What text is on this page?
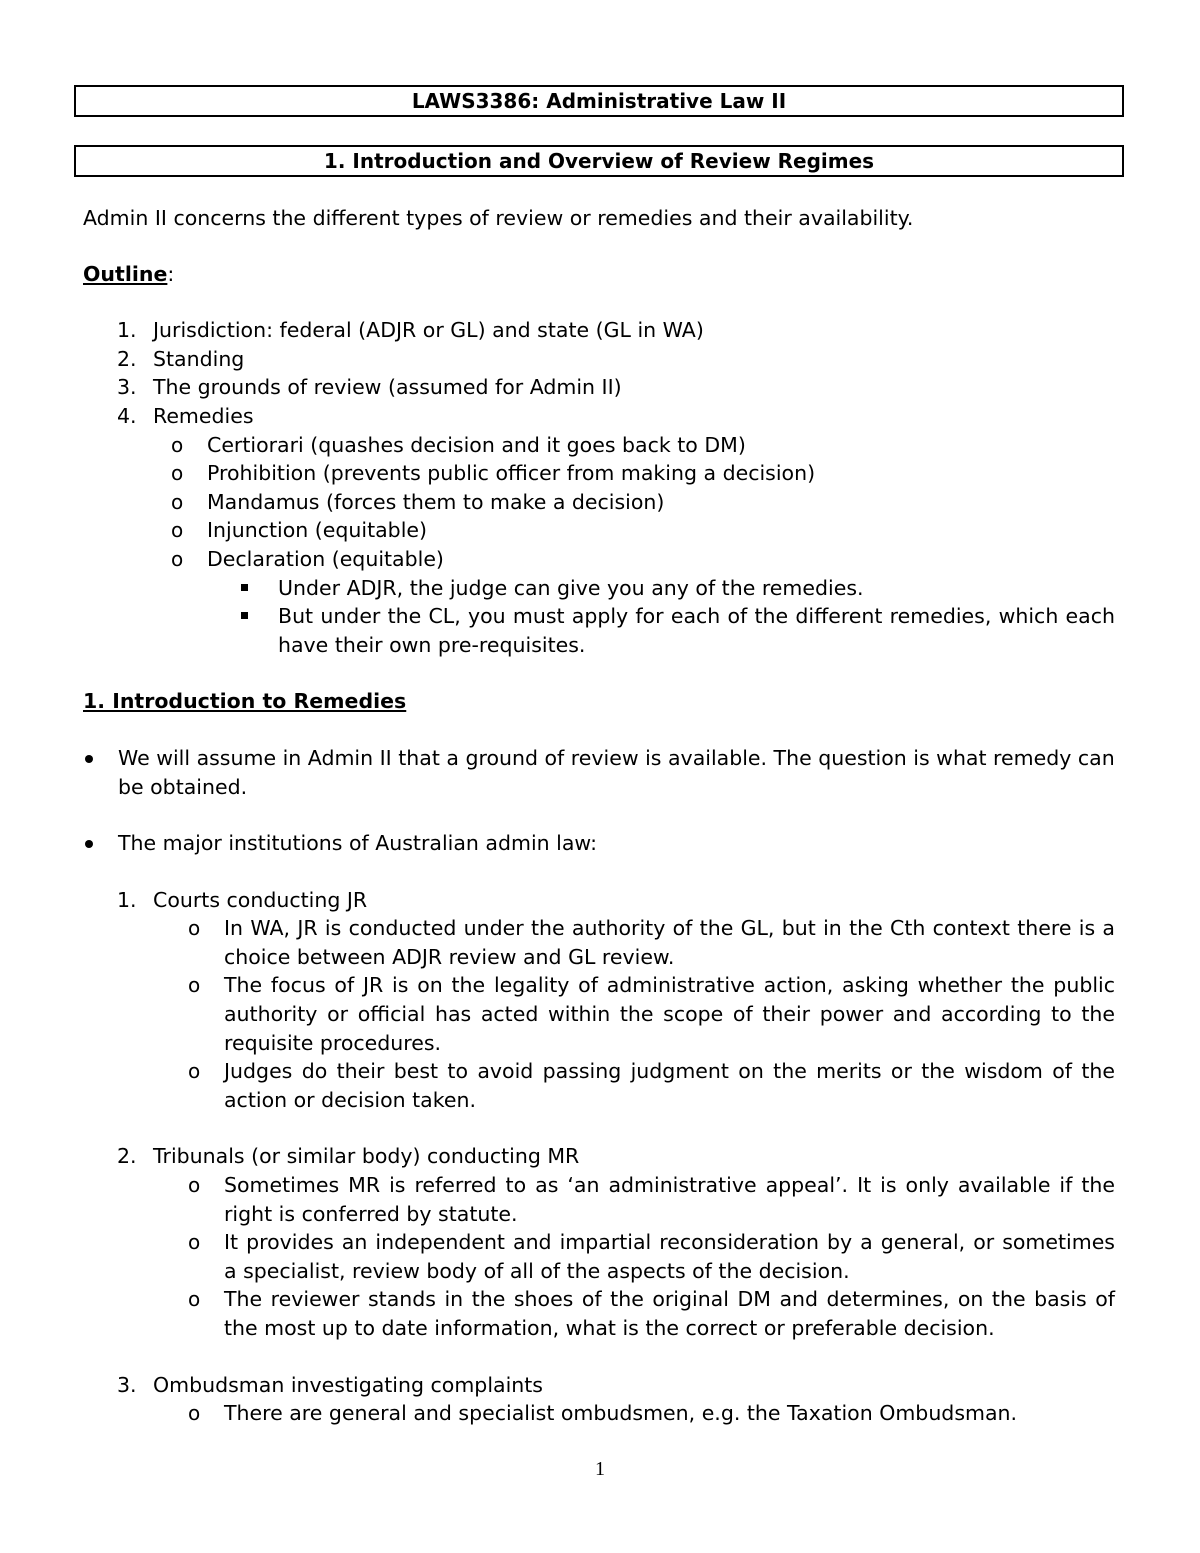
LAWS3386: Administrative Law II
1. Introduction and Overview of Review Regimes

Admin II concerns the different types of review or remedies and their availability.

Outline:

1. Jurisdiction: federal (ADJR or GL) and state (GL in WA)
2. Standing
3. The grounds of review (assumed for Admin II)
4. Remedies
o Certiorari (quashes decision and it goes back to DM)
o Prohibition (prevents public officer from making a decision)
o Mandamus (forces them to make a decision)
o Injunction (equitable)
o Declaration (equitable)
Under ADJR, the judge can give you any of the remedies.
But under the CL, you must apply for each of the different remedies, which each have their own pre-requisites.

1. Introduction to Remedies

We will assume in Admin II that a ground of review is available. The question is what remedy can be obtained.
The major institutions of Australian admin law:
1. Courts conducting JR
o In WA, JR is conducted under the authority of the GL, but in the Cth context there is a choice between ADJR review and GL review.
o The focus of JR is on the legality of administrative action, asking whether the public authority or official has acted within the scope of their power and according to the requisite procedures.
o Judges do their best to avoid passing judgment on the merits or the wisdom of the action or decision taken.
2. Tribunals (or similar body) conducting MR
o Sometimes MR is referred to as ‘an administrative appeal’. It is only available if the right is conferred by statute.
o It provides an independent and impartial reconsideration by a general, or sometimes a specialist, review body of all of the aspects of the decision.
o The reviewer stands in the shoes of the original DM and determines, on the basis of the most up to date information, what is the correct or preferable decision.
3. Ombudsman investigating complaints
o There are general and specialist ombudsmen, e.g. the Taxation Ombudsman.
1
